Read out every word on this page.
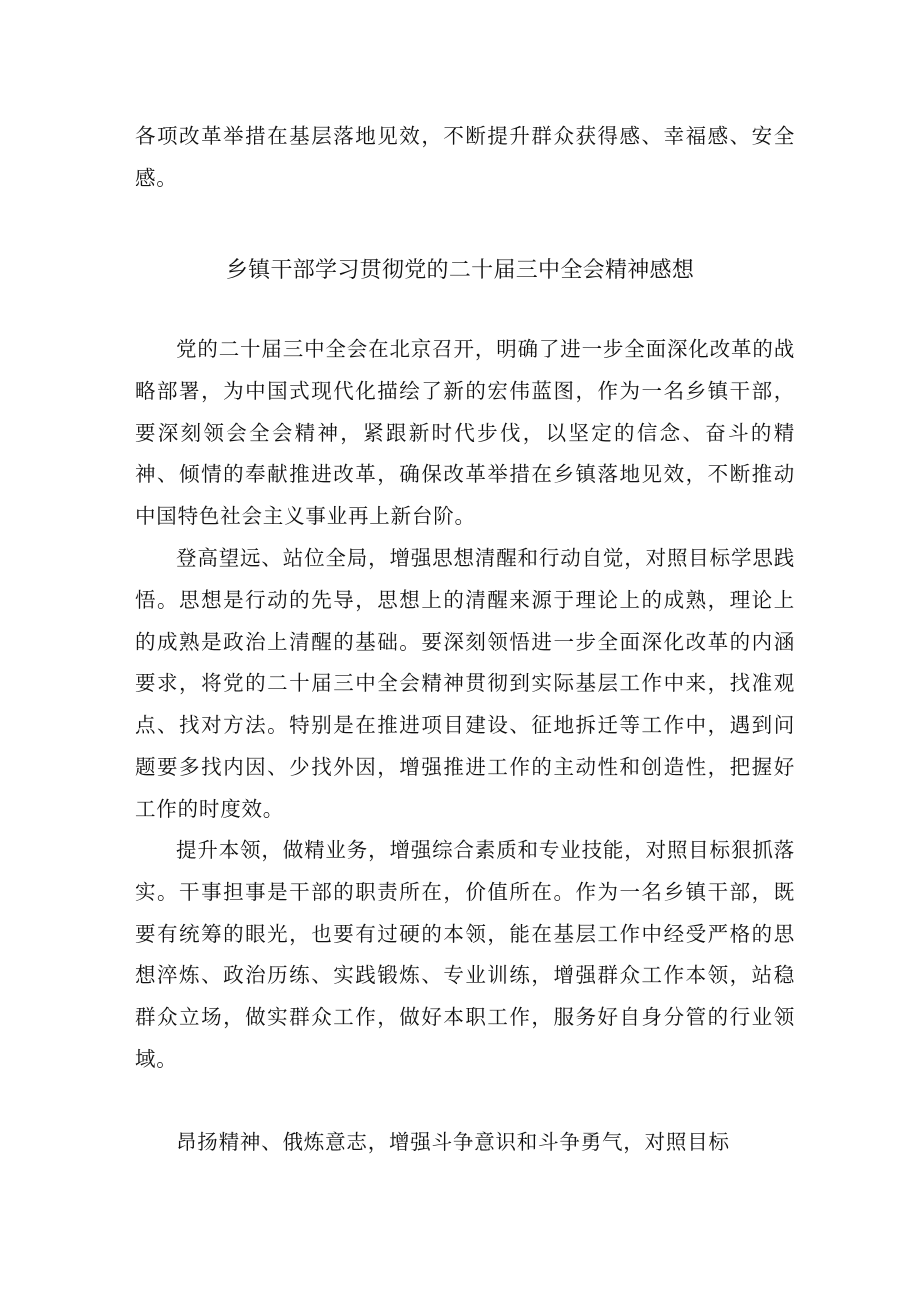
各项改革举措在基层落地见效，不断提升群众获得感、幸福感、安全感。

乡镇干部学习贯彻党的二十届三中全会精神感想

党的二十届三中全会在北京召开，明确了进一步全面深化改革的战略部署，为中国式现代化描绘了新的宏伟蓝图，作为一名乡镇干部，要深刻领会全会精神，紧跟新时代步伐，以坚定的信念、奋斗的精神、倾情的奉献推进改革，确保改革举措在乡镇落地见效，不断推动中国特色社会主义事业再上新台阶。

登高望远、站位全局，增强思想清醒和行动自觉，对照目标学思践悟。思想是行动的先导，思想上的清醒来源于理论上的成熟，理论上的成熟是政治上清醒的基础。要深刻领悟进一步全面深化改革的内涵要求，将党的二十届三中全会精神贯彻到实际基层工作中来，找准观点、找对方法。特别是在推进项目建设、征地拆迁等工作中，遇到问题要多找内因、少找外因，增强推进工作的主动性和创造性，把握好工作的时度效。

提升本领，做精业务，增强综合素质和专业技能，对照目标狠抓落实。干事担事是干部的职责所在，价值所在。作为一名乡镇干部，既要有统筹的眼光，也要有过硬的本领，能在基层工作中经受严格的思想淬炼、政治历练、实践锻炼、专业训练，增强群众工作本领，站稳群众立场，做实群众工作，做好本职工作，服务好自身分管的行业领域。

昂扬精神、俄炼意志，增强斗争意识和斗争勇气，对照目标
